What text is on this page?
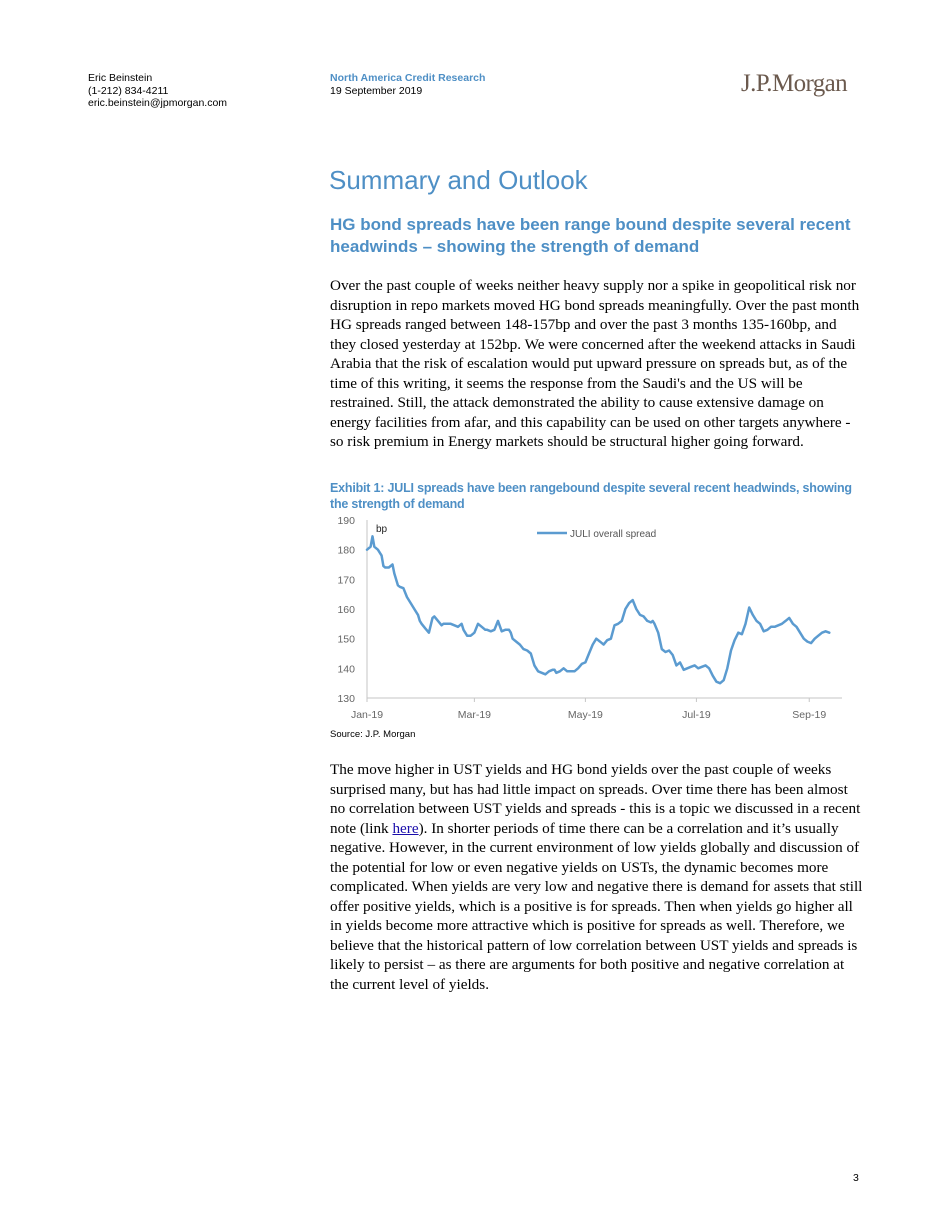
Eric Beinstein
(1-212) 834-4211
eric.beinstein@jpmorgan.com
North America Credit Research
19 September 2019	J.P.Morgan
Summary and Outlook
HG bond spreads have been range bound despite several recent headwinds – showing the strength of demand
Over the past couple of weeks neither heavy supply nor a spike in geopolitical risk nor disruption in repo markets moved HG bond spreads meaningfully. Over the past month HG spreads ranged between 148-157bp and over the past 3 months 135-160bp, and they closed yesterday at 152bp. We were concerned after the weekend attacks in Saudi Arabia that the risk of escalation would put upward pressure on spreads but, as of the time of this writing, it seems the response from the Saudi's and the US will be restrained. Still, the attack demonstrated the ability to cause extensive damage on energy facilities from afar, and this capability can be used on other targets anywhere - so risk premium in Energy markets should be structural higher going forward.
Exhibit 1: JULI spreads have been rangebound despite several recent headwinds, showing the strength of demand
130
140
150
160
170
180
190
Jan-19	Mar-19	May-19	Jul-19	Sep-19
bp	JULI overall spread
Source: J.P. Morgan
The move higher in UST yields and HG bond yields over the past couple of weeks surprised many, but has had little impact on spreads. Over time there has been almost no correlation between UST yields and spreads - this is a topic we discussed in a recent note (link here). In shorter periods of time there can be a correlation and it’s usually negative. However, in the current environment of low yields globally and discussion of the potential for low or even negative yields on USTs, the dynamic becomes more complicated. When yields are very low and negative there is demand for assets that still offer positive yields, which is a positive is for spreads. Then when yields go higher all in yields become more attractive which is positive for spreads as well. Therefore, we believe that the historical pattern of low correlation between UST yields and spreads is likely to persist – as there are arguments for both positive and negative correlation at the current level of yields.
3
